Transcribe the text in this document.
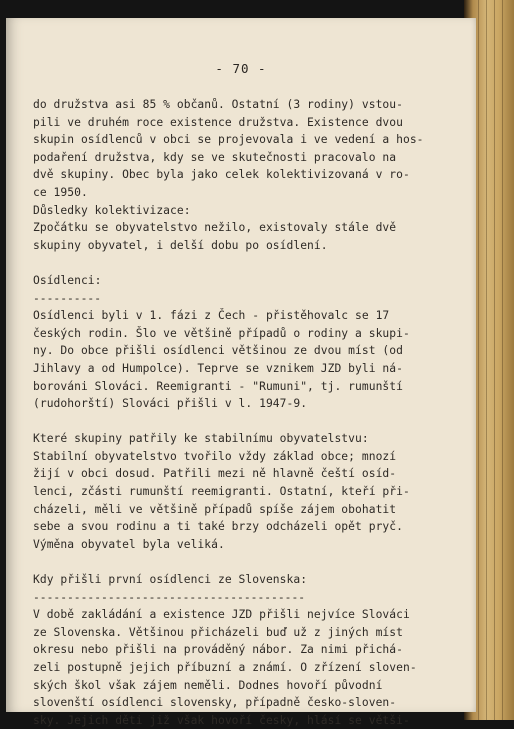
- 70 -
do družstva asi 85 % občanů. Ostatní (3 rodiny) vstou-
pili ve druhém roce existence družstva. Existence dvou
skupin osídlenců v obci se projevovala i ve vedení a hos-
podaření družstva, kdy se ve skutečnosti pracovalo na
dvě skupiny. Obec byla jako celek kolektivizovaná v ro-
ce 1950.
Důsledky kolektivizace:
Zpočátku se obyvatelstvo nežilo, existovaly stále dvě
skupiny obyvatel, i delší dobu po osídlení.
Osídlenci:
----------
Osídlenci byli v 1. fázi z Čech - přistěhovalc se 17
českých rodin. Šlo ve většině případů o rodiny a skupi-
ny. Do obce přišli osídlenci většinou ze dvou míst (od
Jihlavy a od Humpolce). Teprve se vznikem JZD byli ná-
borováni Slováci. Reemigranti - "Rumuni", tj. rumunští
(rudohorští) Slováci přišli v l. 1947-9.
Které skupiny patřily ke stabilnímu obyvatelstvu:
Stabilní obyvatelstvo tvořilo vždy základ obce; mnozí
žijí v obci dosud. Patřili mezi ně hlavně čeští osíd-
lenci, zčásti rumunští reemigranti. Ostatní, kteří při-
cházeli, měli ve většině případů spíše zájem obohatit
sebe a svou rodinu a ti také brzy odcházeli opět pryč.
Výměna obyvatel byla veliká.
Kdy přišli první osídlenci ze Slovenska:
----------------------------------------
V době zakládání a existence JZD přišli nejvíce Slováci
ze Slovenska. Většinou přicházeli buď už z jiných míst
okresu nebo přišli na prováděný nábor. Za nimi přichá-
zeli postupně jejich příbuzní a známí. O zřízení sloven-
ských škol však zájem neměli. Dodnes hovoří původní
slovenští osídlenci slovensky, případně česko-sloven-
sky. Jejich děti již však hovoří česky, hlásí se větši-
